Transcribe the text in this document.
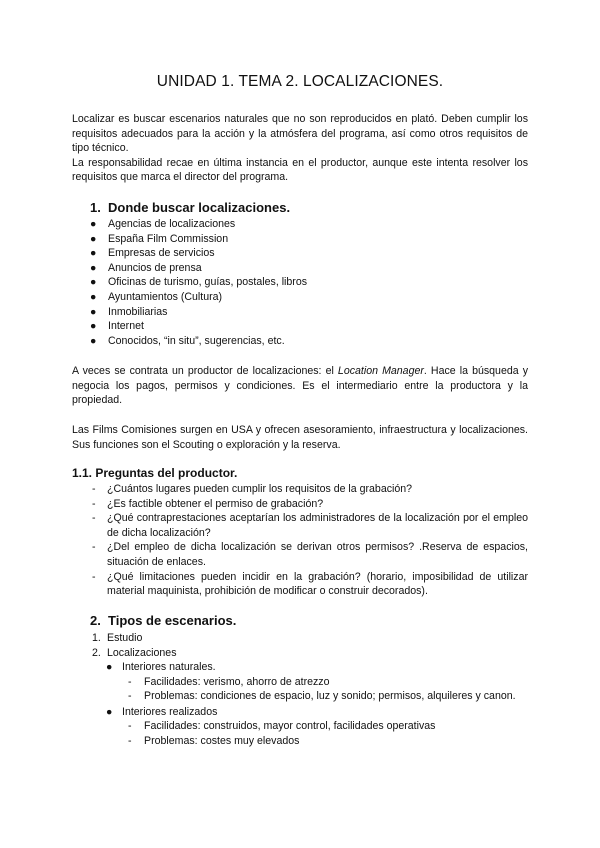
UNIDAD 1. TEMA 2. LOCALIZACIONES.

Localizar es buscar escenarios naturales que no son reproducidos en plató. Deben cumplir los requisitos adecuados para la acción y la atmósfera del programa, así como otros requisitos de tipo técnico.

La responsabilidad recae en última instancia en el productor, aunque este intenta resolver los requisitos que marca el director del programa.

1. Donde buscar localizaciones.
● Agencias de localizaciones
● España Film Commission
● Empresas de servicios
● Anuncios de prensa
● Oficinas de turismo, guías, postales, libros
● Ayuntamientos (Cultura)
● Inmobiliarias
● Internet
● Conocidos, “in situ”, sugerencias, etc.

A veces se contrata un productor de localizaciones: el Location Manager. Hace la búsqueda y negocia los pagos, permisos y condiciones. Es el intermediario entre la productora y la propiedad.

Las Films Comisiones surgen en USA y ofrecen asesoramiento, infraestructura y localizaciones. Sus funciones son el Scouting o exploración y la reserva.

1.1. Preguntas del productor.
- ¿Cuántos lugares pueden cumplir los requisitos de la grabación?
- ¿Es factible obtener el permiso de grabación?
- ¿Qué contraprestaciones aceptarían los administradores de la localización por el empleo de dicha localización?
- ¿Del empleo de dicha localización se derivan otros permisos? .Reserva de espacios, situación de enlaces.
- ¿Qué limitaciones pueden incidir en la grabación? (horario, imposibilidad de utilizar material maquinista, prohibición de modificar o construir decorados).
2. Tipos de escenarios.
1. Estudio
2. Localizaciones
● Interiores naturales.
- Facilidades: verismo, ahorro de atrezzo
- Problemas: condiciones de espacio, luz y sonido; permisos, alquileres y canon.
● Interiores realizados
- Facilidades: construidos, mayor control, facilidades operativas
- Problemas: costes muy elevados
